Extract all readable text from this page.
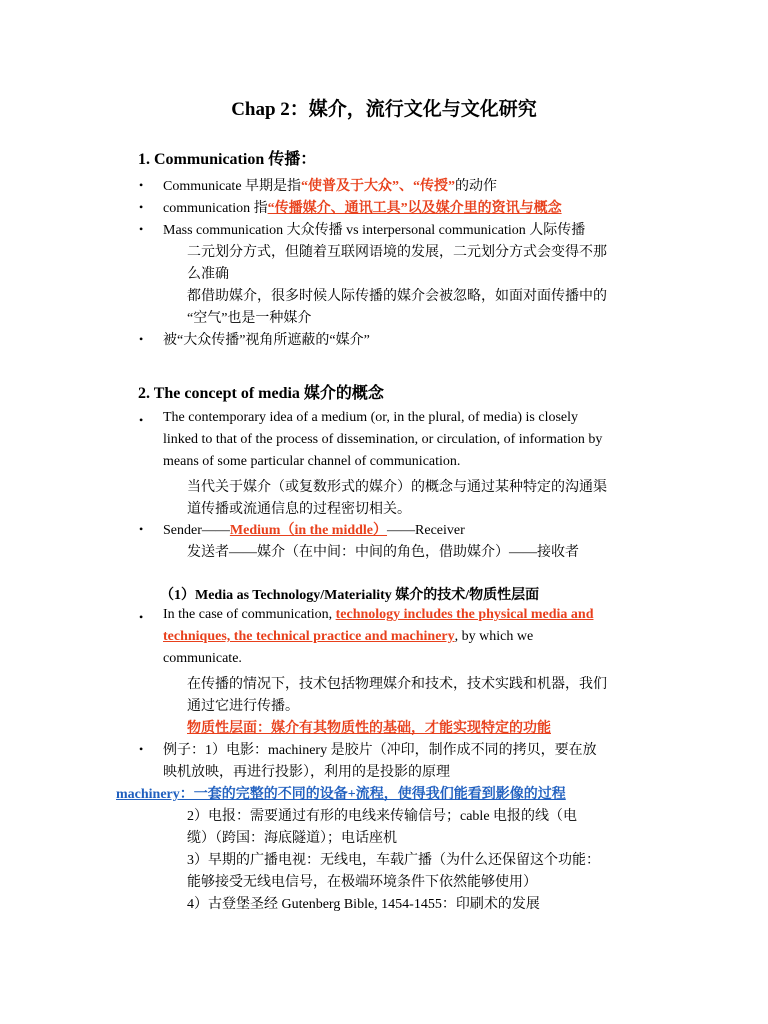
Chap 2：媒介，流行文化与文化研究
1. Communication 传播：
• Communicate 早期是指“使普及于大众”、“传授”的动作
• communication 指“传播媒介、通讯工具”以及媒介里的资讯与概念
• Mass communication 大众传播 vs interpersonal communication 人际传播
二元划分方式，但随着互联网语境的发展，二元划分方式会变得不那
么准确
都借助媒介，很多时候人际传播的媒介会被忽略，如面对面传播中的
“空气”也是一种媒介
• 被“大众传播”视角所遮蔽的“媒介”
2. The concept of media 媒介的概念
• The contemporary idea of a medium (or, in the plural, of media) is closely
linked to that of the process of dissemination, or circulation, of information by
means of some particular channel of communication.
当代关于媒介（或复数形式的媒介）的概念与通过某种特定的沟通渠
道传播或流通信息的过程密切相关。
• Sender——Medium（in the middle）——Receiver
发送者——媒介（在中间：中间的角色，借助媒介）——接收者
（1）Media as Technology/Materiality 媒介的技术/物质性层面
• In the case of communication, technology includes the physical media and
techniques, the technical practice and machinery, by which we
communicate.
在传播的情况下，技术包括物理媒介和技术，技术实践和机器，我们
通过它进行传播。
物质性层面：媒介有其物质性的基础，才能实现特定的功能
• 例子：1）电影：machinery 是胶片（冲印，制作成不同的拷贝，要在放
映机放映，再进行投影），利用的是投影的原理
machinery：一套的完整的不同的设备+流程，使得我们能看到影像的过程
2）电报：需要通过有形的电线来传输信号；cable 电报的线（电
缆）（跨国：海底隧道）；电话座机
3）早期的广播电视：无线电，车载广播（为什么还保留这个功能：
能够接受无线电信号，在极端环境条件下依然能够使用）
4）古登堡圣经 Gutenberg Bible, 1454-1455：印刷术的发展
